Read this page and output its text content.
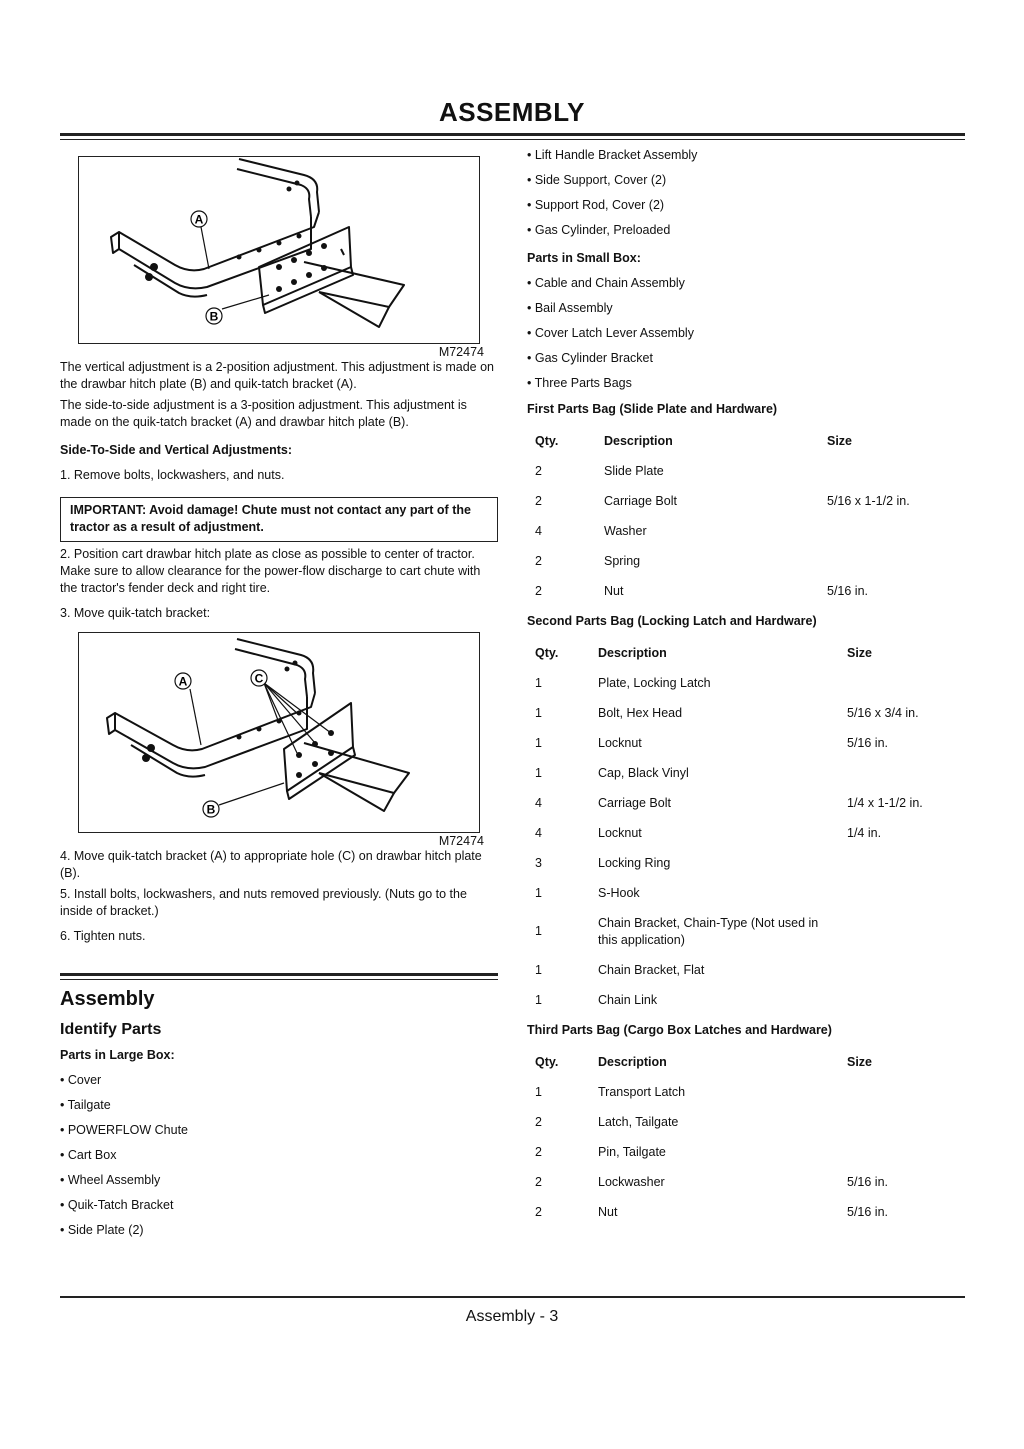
ASSEMBLY
A
B
M72474

The vertical adjustment is a 2-position adjustment. This adjustment is made on the drawbar hitch plate (B) and quik-tatch bracket (A).

The side-to-side adjustment is a 3-position adjustment. This adjustment is made on the quik-tatch bracket (A) and drawbar hitch plate (B).

Side-To-Side and Vertical Adjustments:

1. Remove bolts, lockwashers, and nuts.

IMPORTANT: Avoid damage! Chute must not contact any part of the tractor as a result of adjustment.

2. Position cart drawbar hitch plate as close as possible to center of tractor. Make sure to allow clearance for the power-flow discharge to cart chute with the tractor's fender deck and right tire.

3. Move quik-tatch bracket:

A	C
B
M72474

4. Move quik-tatch bracket (A) to appropriate hole (C) on drawbar hitch plate (B).

5. Install bolts, lockwashers, and nuts removed previously. (Nuts go to the inside of bracket.)

6. Tighten nuts.

Assembly
Identify Parts
Parts in Large Box:
• Cover
• Tailgate
• POWERFLOW Chute
• Cart Box
• Wheel Assembly
• Quik-Tatch Bracket
• Side Plate (2)
• Lift Handle Bracket Assembly
• Side Support, Cover (2)
• Support Rod, Cover (2)
• Gas Cylinder, Preloaded
Parts in Small Box:
• Cable and Chain Assembly
• Bail Assembly
• Cover Latch Lever Assembly
• Gas Cylinder Bracket
• Three Parts Bags
First Parts Bag (Slide Plate and Hardware)
Qty.	Description	Size
2	Slide Plate	
2	Carriage Bolt	5/16 x 1-1/2 in.
4	Washer	
2	Spring	
2	Nut	5/16 in.
Second Parts Bag (Locking Latch and Hardware)
Qty.	Description	Size
1	Plate, Locking Latch	
1	Bolt, Hex Head	5/16 x 3/4 in.
1	Locknut	5/16 in.
1	Cap, Black Vinyl	
4	Carriage Bolt	1/4 x 1-1/2 in.
4	Locknut	1/4 in.
3	Locking Ring	
1	S-Hook	
1	Chain Bracket, Chain-Type (Not used in this application)	
1	Chain Bracket, Flat	
1	Chain Link	
Third Parts Bag (Cargo Box Latches and Hardware)
Qty.	Description	Size
1	Transport Latch	
2	Latch, Tailgate	
2	Pin, Tailgate	
2	Lockwasher	5/16 in.
2	Nut	5/16 in.
Assembly - 3
